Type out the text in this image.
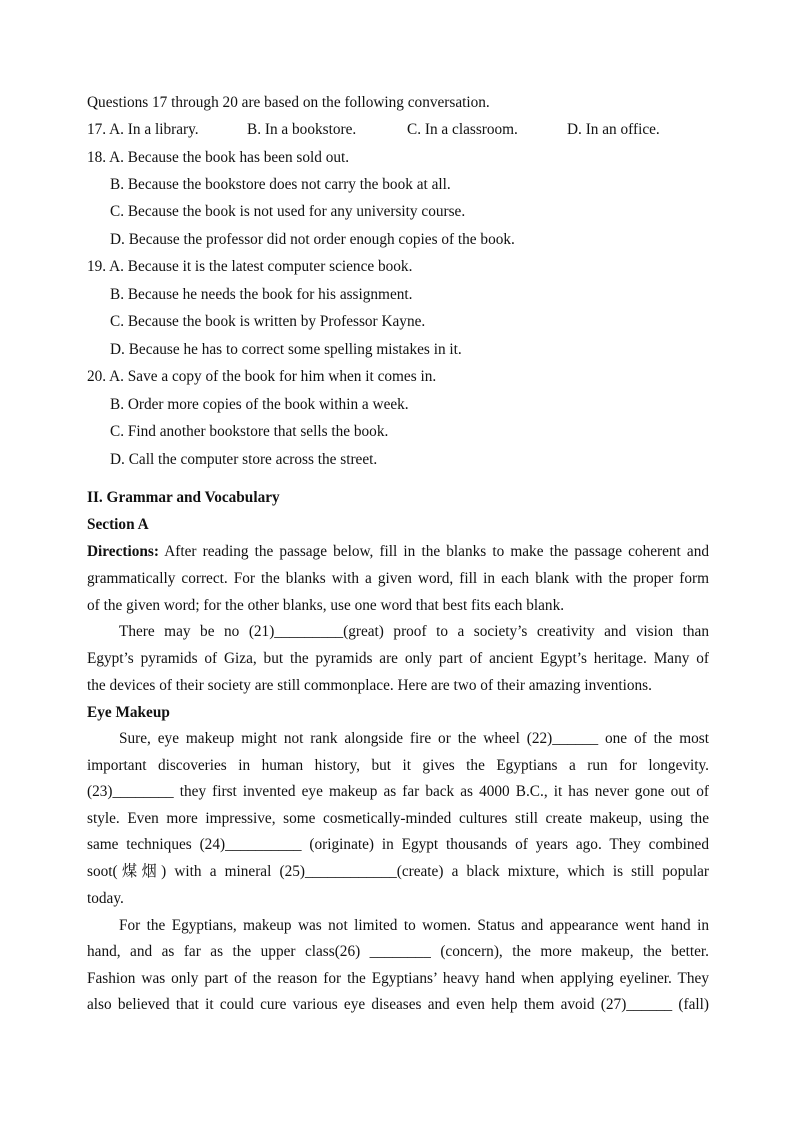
Questions 17 through 20 are based on the following conversation.

17. A. In a library.	B. In a bookstore.	C. In a classroom.	D. In an office.

18. A. Because the book has been sold out.

B. Because the bookstore does not carry the book at all.

C. Because the book is not used for any university course.

D. Because the professor did not order enough copies of the book.

19. A. Because it is the latest computer science book.

B. Because he needs the book for his assignment.

C. Because the book is written by Professor Kayne.

D. Because he has to correct some spelling mistakes in it.

20. A. Save a copy of the book for him when it comes in.

B. Order more copies of the book within a week.

C. Find another bookstore that sells the book.

D. Call the computer store across the street.

II. Grammar and Vocabulary

Section A

Directions: After reading the passage below, fill in the blanks to make the passage coherent and

grammatically correct. For the blanks with a given word, fill in each blank with the proper form

of the given word; for the other blanks, use one word that best fits each blank.

There may be no (21)_________(great) proof to a society’s creativity and vision than

Egypt’s pyramids of Giza, but the pyramids are only part of ancient Egypt’s heritage. Many of

the devices of their society are still commonplace. Here are two of their amazing inventions.

Eye Makeup

Sure, eye makeup might not rank alongside fire or the wheel (22)______ one of the most

important discoveries in human history, but it gives the Egyptians a run for longevity.

(23)________ they first invented eye makeup as far back as 4000 B.C., it has never gone out of

style. Even more impressive, some cosmetically-minded cultures still create makeup, using the

same techniques (24)__________ (originate) in Egypt thousands of years ago. They combined

soot(煤烟) with a mineral (25)____________(create) a black mixture, which is still popular

today.

For the Egyptians, makeup was not limited to women. Status and appearance went hand in

hand, and as far as the upper class(26) ________ (concern), the more makeup, the better.

Fashion was only part of the reason for the Egyptians’ heavy hand when applying eyeliner. They

also believed that it could cure various eye diseases and even help them avoid (27)______ (fall)
